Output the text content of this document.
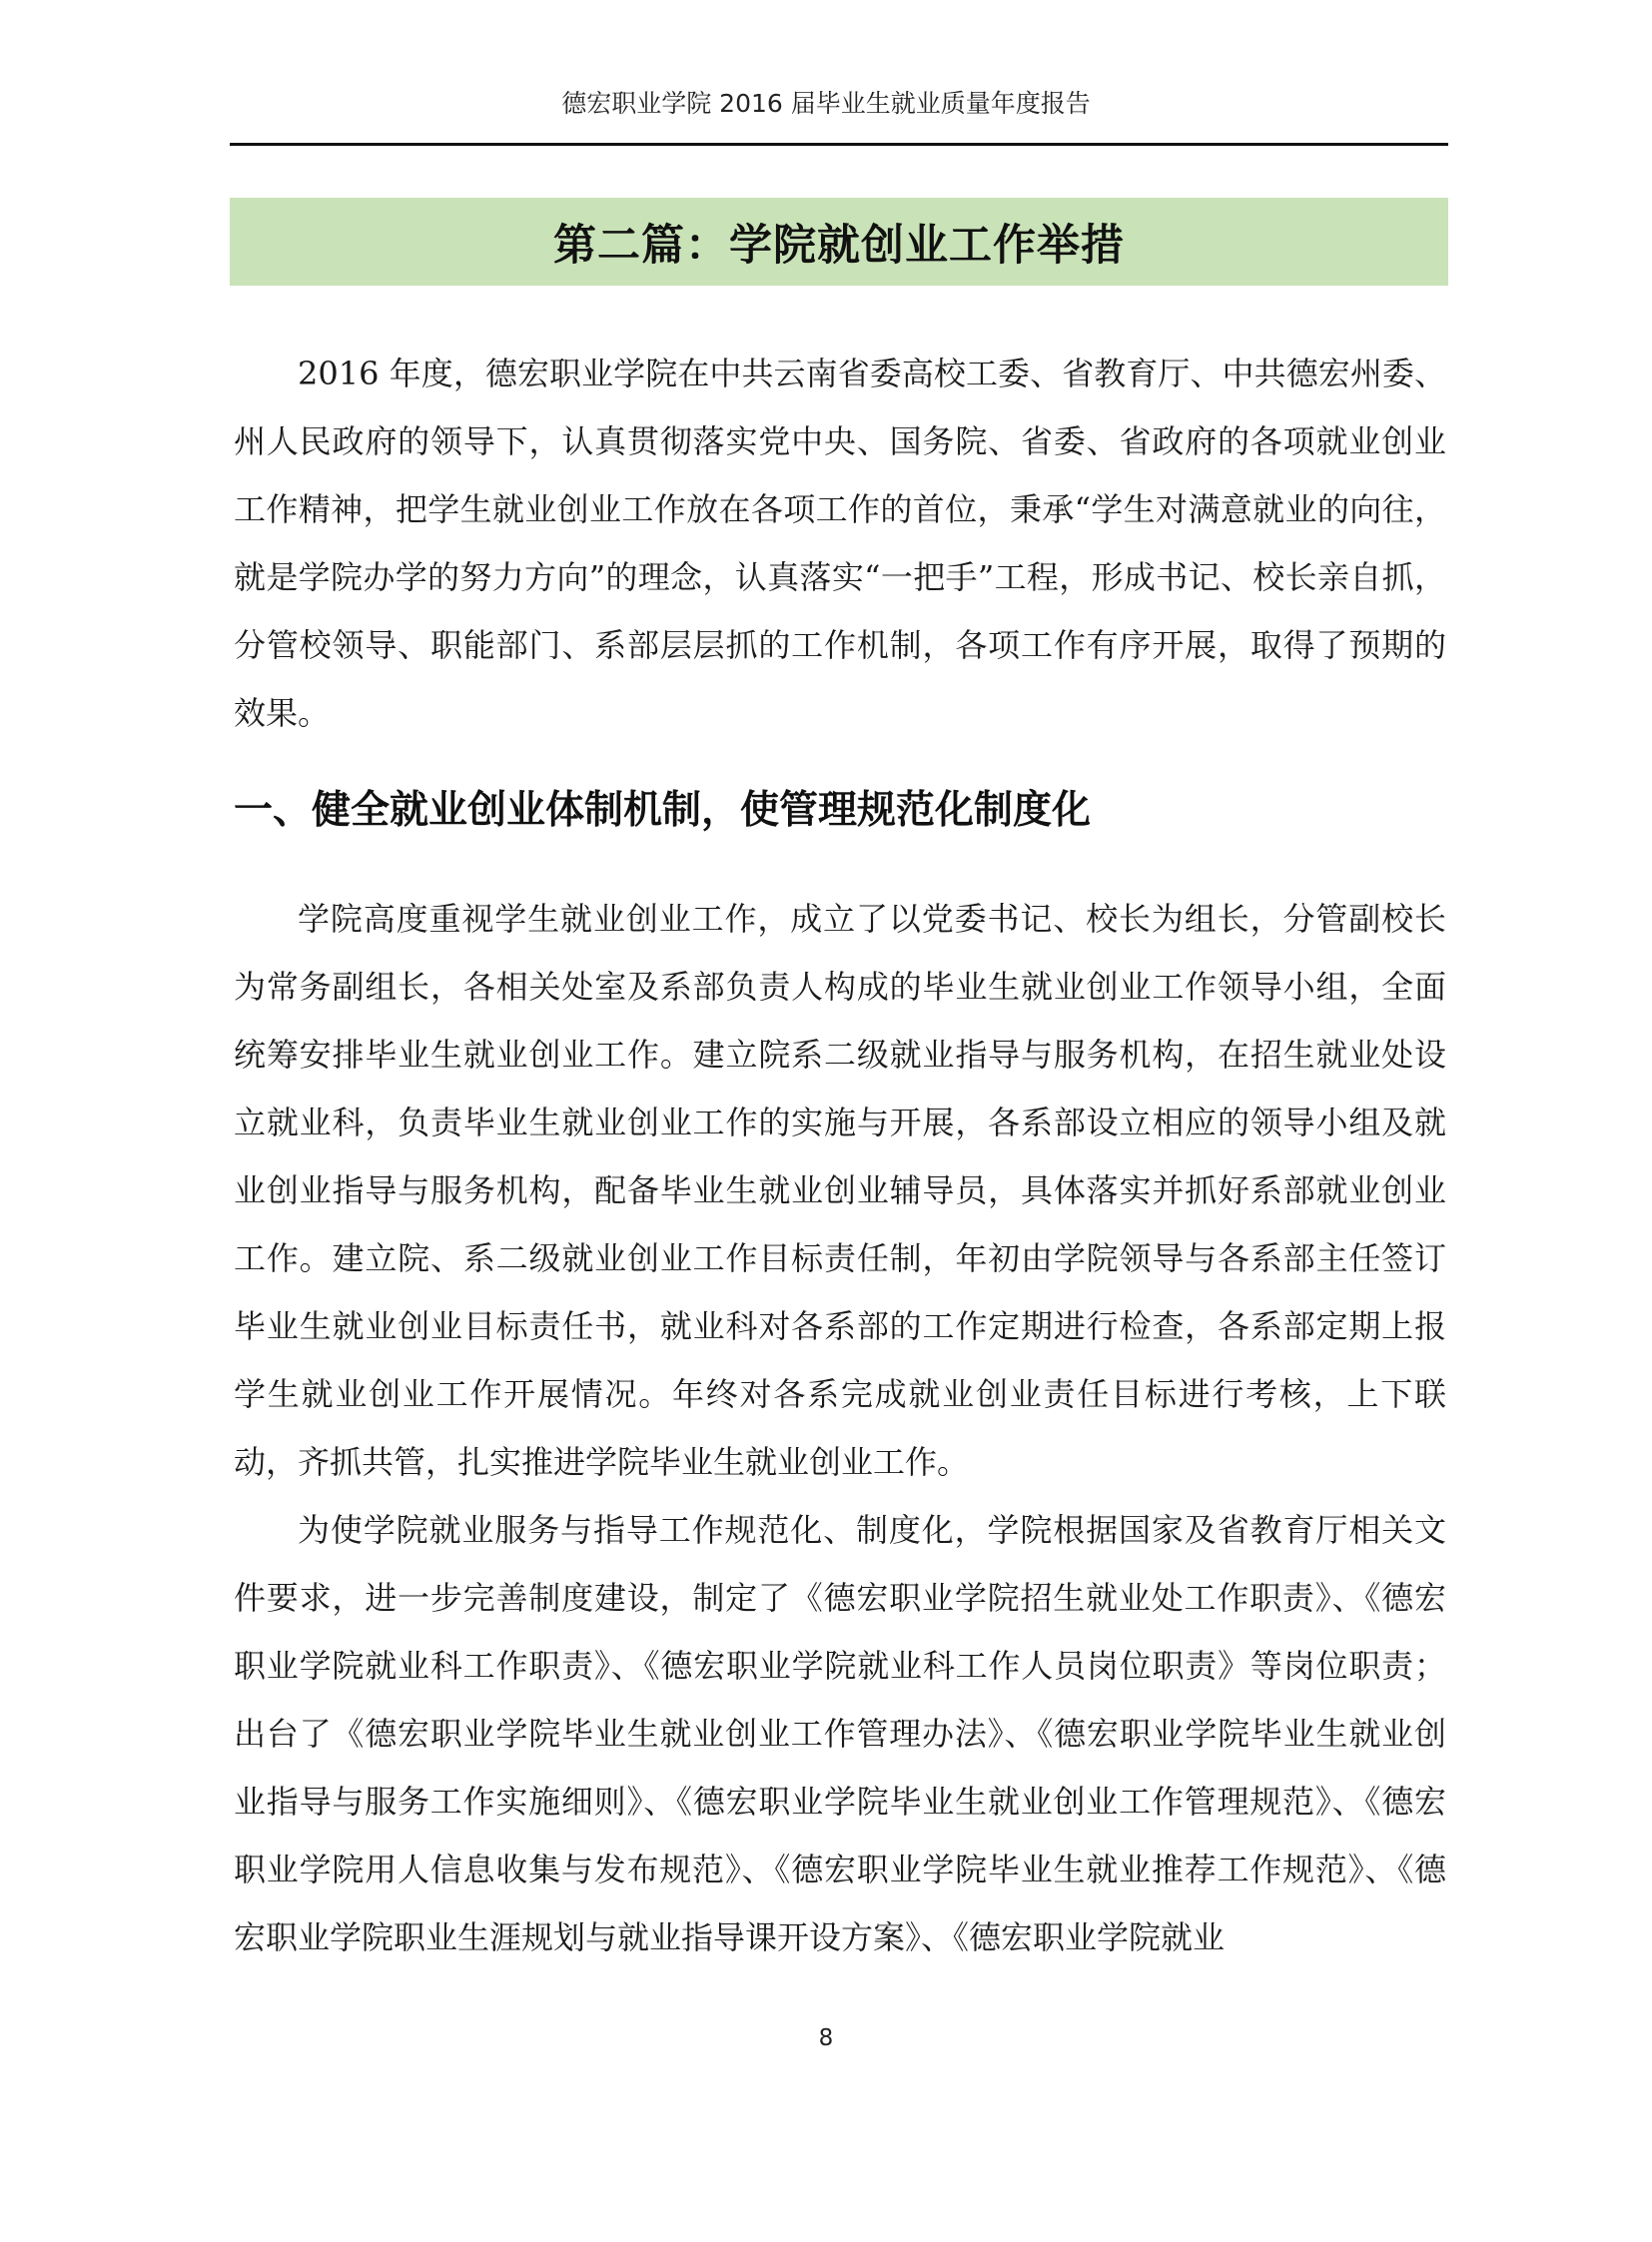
德宏职业学院 2016 届毕业生就业质量年度报告
第二篇：学院就创业工作举措

2016 年度，德宏职业学院在中共云南省委高校工委、省教育厅、中共德宏州委、州人民政府的领导下，认真贯彻落实党中央、国务院、省委、省政府的各项就业创业工作精神，把学生就业创业工作放在各项工作的首位，秉承“学生对满意就业的向往，就是学院办学的努力方向”的理念，认真落实“一把手”工程，形成书记、校长亲自抓，分管校领导、职能部门、系部层层抓的工作机制，各项工作有序开展，取得了预期的效果。

一、健全就业创业体制机制，使管理规范化制度化

学院高度重视学生就业创业工作，成立了以党委书记、校长为组长，分管副校长为常务副组长，各相关处室及系部负责人构成的毕业生就业创业工作领导小组，全面统筹安排毕业生就业创业工作。建立院系二级就业指导与服务机构，在招生就业处设立就业科，负责毕业生就业创业工作的实施与开展，各系部设立相应的领导小组及就业创业指导与服务机构，配备毕业生就业创业辅导员，具体落实并抓好系部就业创业工作。建立院、系二级就业创业工作目标责任制，年初由学院领导与各系部主任签订毕业生就业创业目标责任书，就业科对各系部的工作定期进行检查，各系部定期上报学生就业创业工作开展情况。年终对各系完成就业创业责任目标进行考核，上下联动，齐抓共管，扎实推进学院毕业生就业创业工作。

为使学院就业服务与指导工作规范化、制度化，学院根据国家及省教育厅相关文件要求，进一步完善制度建设，制定了《德宏职业学院招生就业处工作职责》、《德宏职业学院就业科工作职责》、《德宏职业学院就业科工作人员岗位职责》等岗位职责；出台了《德宏职业学院毕业生就业创业工作管理办法》、《德宏职业学院毕业生就业创业指导与服务工作实施细则》、《德宏职业学院毕业生就业创业工作管理规范》、《德宏职业学院用人信息收集与发布规范》、《德宏职业学院毕业生就业推荐工作规范》、《德宏职业学院职业生涯规划与就业指导课开设方案》、《德宏职业学院就业

8
